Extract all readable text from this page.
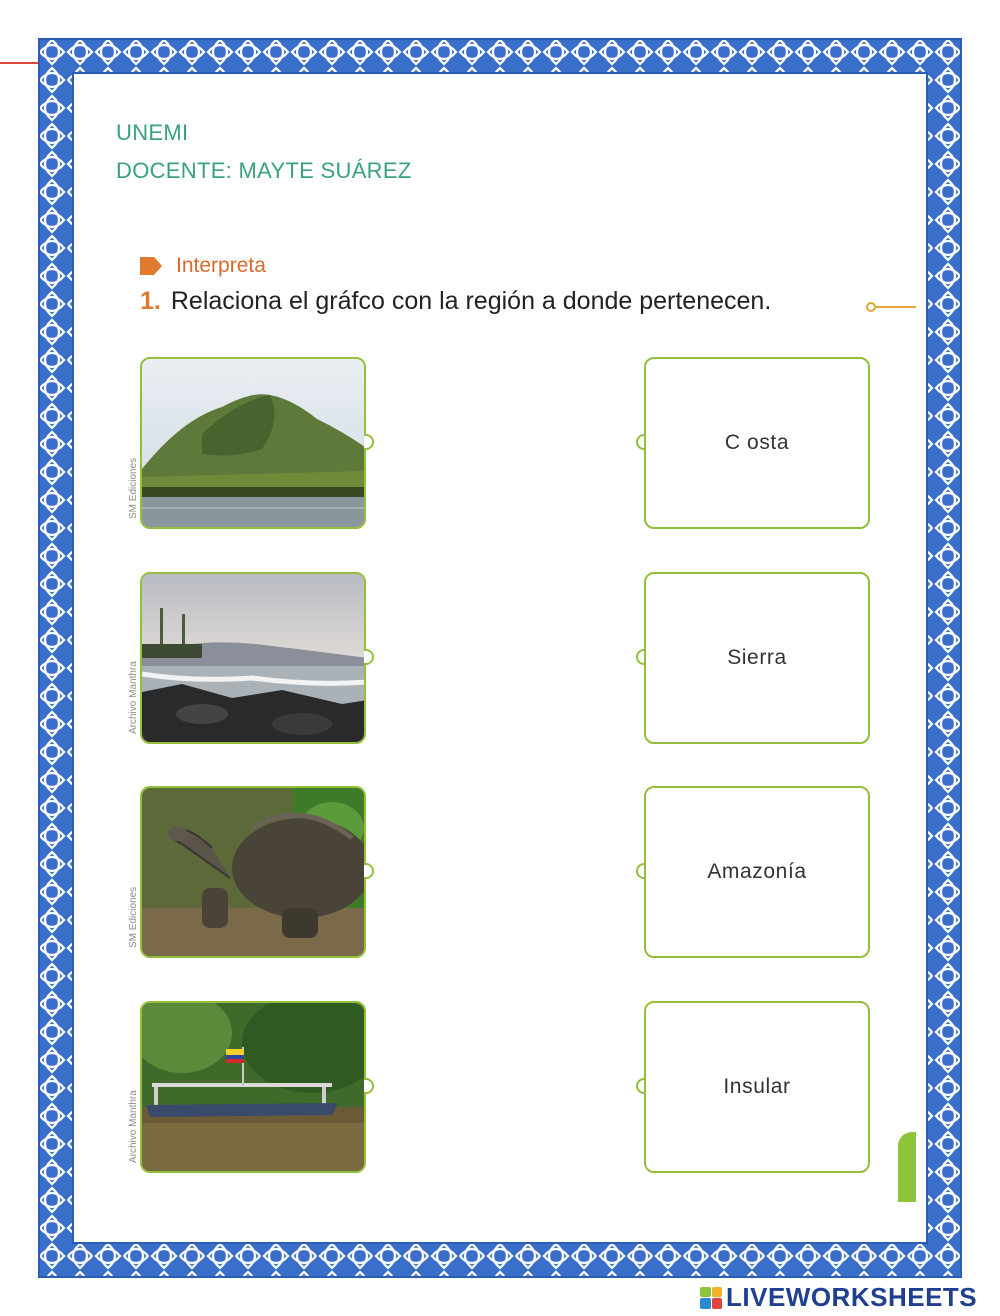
UNEMI
DOCENTE: MAYTE SUÁREZ
Interpreta
1. Relaciona el gráfco con la región a donde pertenecen.
SM Ediciones
Archivo Manthra
SM Ediciones
Archivo Manthra
C osta
Sierra
Amazonía
Insular
LIVEWORKSHEETS
